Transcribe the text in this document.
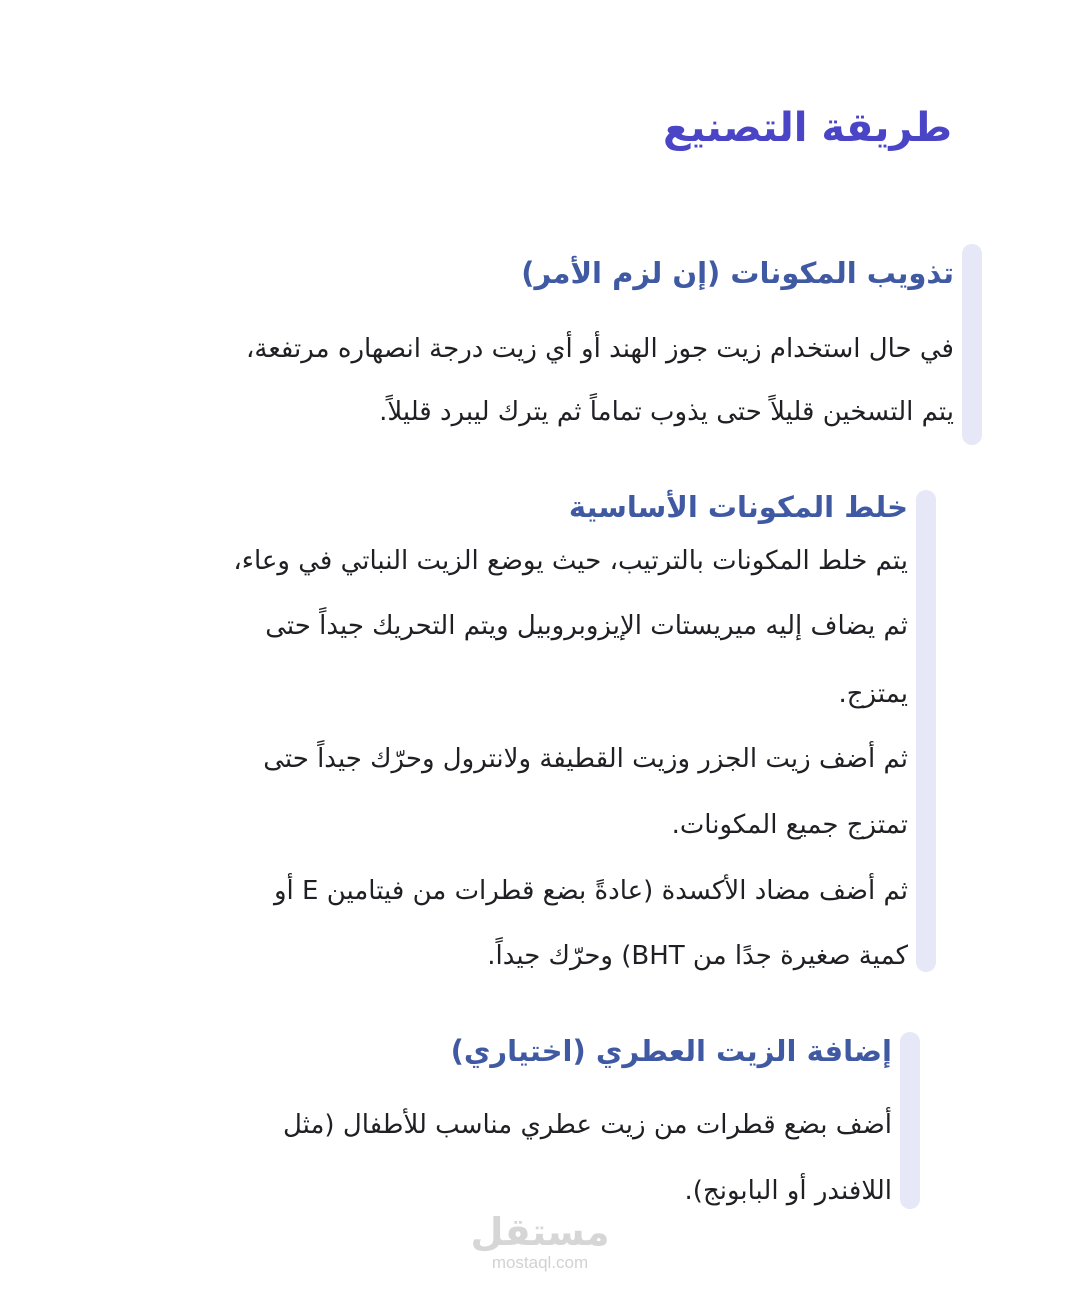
طريقة التصنيع
تذويب المكونات (إن لزم الأمر)

في حال استخدام زيت جوز الهند أو أي زيت درجة انصهاره مرتفعة،

يتم التسخين قليلاً حتى يذوب تماماً ثم يترك ليبرد قليلاً.

خلط المكونات الأساسية

يتم خلط المكونات بالترتيب، حيث يوضع الزيت النباتي في وعاء،

ثم يضاف إليه ميريستات الإيزوبروبيل ويتم التحريك جيداً حتى

يمتزج.

ثم أضف زيت الجزر وزيت القطيفة ولانترول وحرّك جيداً حتى

تمتزج جميع المكونات.

ثم أضف مضاد الأكسدة (عادةً بضع قطرات من فيتامين E أو

كمية صغيرة جدًا من BHT) وحرّك جيداً.

إضافة الزيت العطري (اختياري)

أضف بضع قطرات من زيت عطري مناسب للأطفال (مثل

اللافندر أو البابونج).

مستقل
mostaql.com
